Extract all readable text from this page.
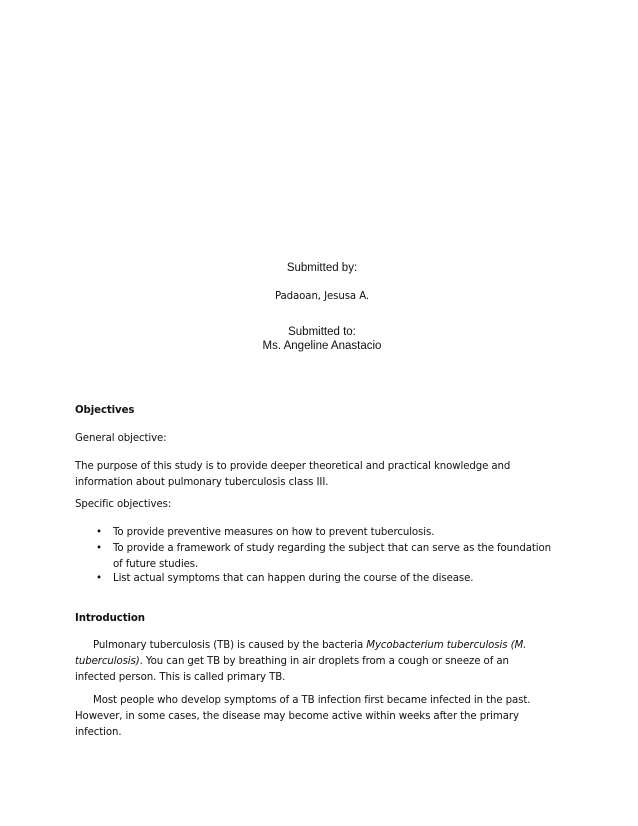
Submitted by:
Padaoan, Jesusa A.
Submitted to:
Ms. Angeline Anastacio
Objectives
General objective:
The purpose of this study is to provide deeper theoretical and practical knowledge and information about pulmonary tuberculosis class III.
Specific objectives:
• To provide preventive measures on how to prevent tuberculosis.
• To provide a framework of study regarding the subject that can serve as the foundation of future studies.
• List actual symptoms that can happen during the course of the disease.
Introduction
Pulmonary tuberculosis (TB) is caused by the bacteria Mycobacterium tuberculosis (M. tuberculosis). You can get TB by breathing in air droplets from a cough or sneeze of an infected person. This is called primary TB.
Most people who develop symptoms of a TB infection first became infected in the past. However, in some cases, the disease may become active within weeks after the primary infection.
